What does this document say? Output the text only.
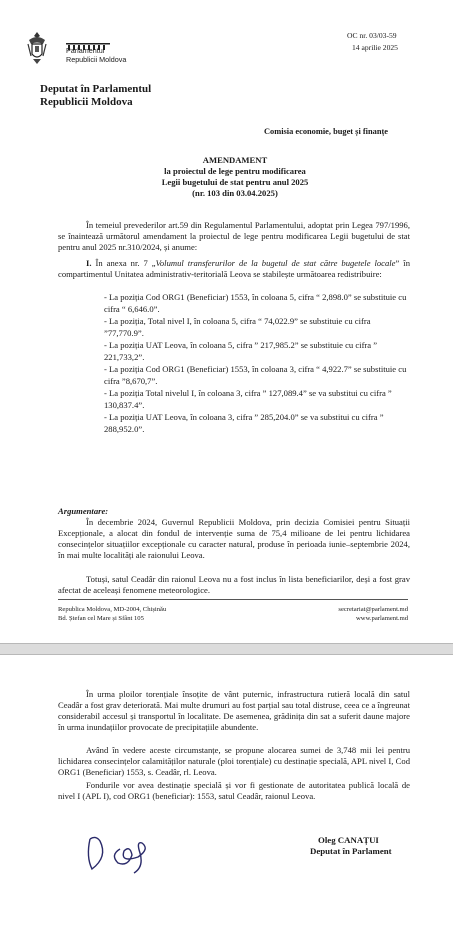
Parlamentul
Republicii Moldova
OC nr. 03/03-59
14 aprilie 2025
Deputat în Parlamentul
Republicii Moldova
Comisia economie, buget și finanțe
AMENDAMENT
la proiectul de lege pentru modificarea
Legii bugetului de stat pentru anul 2025
(nr. 103 din 03.04.2025)
În temeiul prevederilor art.59 din Regulamentul Parlamentului, adoptat prin Legea 797/1996, se înaintează următorul amendament la proiectul de lege pentru modificarea Legii bugetului de stat pentru anul 2025 nr.310/2024, și anume:
I. În anexa nr. 7 „Volumul transferurilor de la bugetul de stat către bugetele locale” în compartimentul Unitatea administrativ-teritorială Leova se stabilește următoarea redistribuire:
- La poziția Cod ORG1 (Beneficiar) 1553, în coloana 5, cifra “ 2,898.0” se substituie cu cifra “ 6,646.0”.
- La poziția, Total nivel I, în coloana 5, cifra “ 74,022.9” se substituie cu cifra ”77,770.9”.
- La poziția UAT Leova, în coloana 5, cifra ” 217,985.2” se substituie cu cifra ” 221,733,2”.
- La poziția Cod ORG1 (Beneficiar) 1553, în coloana 3, cifra “ 4,922.7” se substituie cu cifra ”8,670,7”.
- La poziția Total nivelul I, în coloana 3, cifra ” 127,089.4” se va substitui cu cifra ” 130,837.4”.
- La poziția UAT Leova, în coloana 3, cifra ” 285,204.0” se va substitui cu cifra ” 288,952.0”.
Argumentare:
În decembrie 2024, Guvernul Republicii Moldova, prin decizia Comisiei pentru Situații Excepționale, a alocat din fondul de intervenție suma de 75,4 milioane de lei pentru lichidarea consecințelor situațiilor excepționale cu caracter natural, produse în perioada iunie–septembrie 2024, în mai multe localități ale raionului Leova.
Totuși, satul Ceadâr din raionul Leova nu a fost inclus în lista beneficiarilor, deși a fost grav afectat de aceleași fenomene meteorologice.
Republica Moldova, MD-2004, Chișinău
Bd. Ștefan cel Mare și Sfânt 105
secretariat@parlament.md
www.parlament.md
În urma ploilor torențiale însoțite de vânt puternic, infrastructura rutieră locală din satul Ceadâr a fost grav deteriorată. Mai multe drumuri au fost parțial sau total distruse, ceea ce a îngreunat considerabil accesul și transportul în localitate. De asemenea, grădinița din sat a suferit daune majore în urma inundațiilor provocate de precipitațiile abundente.
Având în vedere aceste circumstanțe, se propune alocarea sumei de 3,748 mii lei pentru lichidarea consecințelor calamităților naturale (ploi torențiale) cu destinație specială, APL nivel I, Cod ORG1 (Beneficiar) 1553, s. Ceadâr, rl. Leova.
Fondurile vor avea destinație specială și vor fi gestionate de autoritatea publică locală de nivel I (APL I), cod ORG1 (beneficiar): 1553, satul Ceadâr, raionul Leova.
Oleg CANAȚUI
Deputat în Parlament
